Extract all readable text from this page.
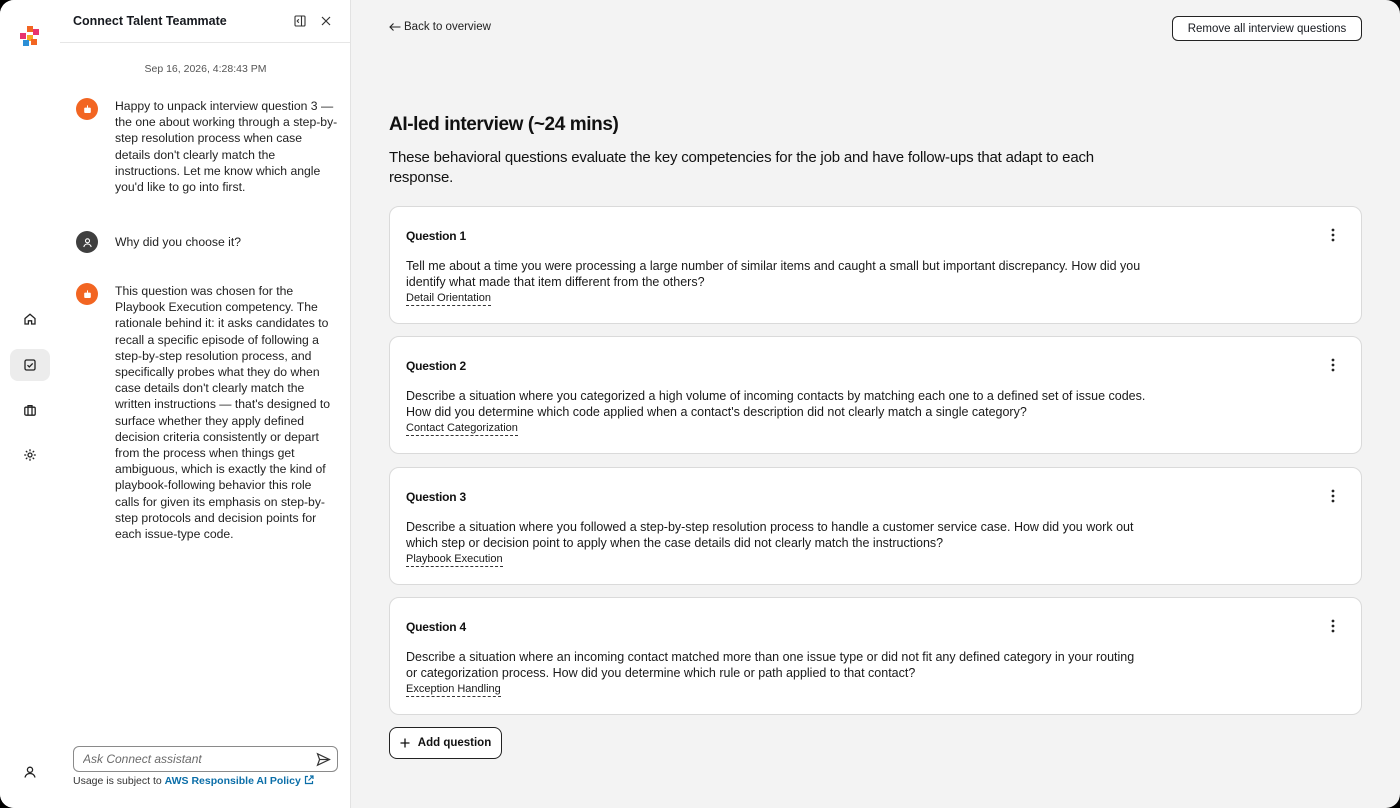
Connect Talent Teammate
Sep 16, 2026, 4:28:43 PM
Happy to unpack interview question 3 — the one about working through a step-by-step resolution process when case details don't clearly match the instructions. Let me know which angle you'd like to go into first.
Why did you choose it?
This question was chosen for the Playbook Execution competency. The rationale behind it: it asks candidates to recall a specific episode of following a step-by-step resolution process, and specifically probes what they do when case details don't clearly match the written instructions — that's designed to surface whether they apply defined decision criteria consistently or depart from the process when things get ambiguous, which is exactly the kind of playbook-following behavior this role calls for given its emphasis on step-by-step protocols and decision points for each issue-type code.
Ask Connect assistant
Usage is subject to AWS Responsible AI Policy
Back to overview	Remove all interview questions
AI-led interview (~24 mins)
These behavioral questions evaluate the key competencies for the job and have follow-ups that adapt to each response.
Question 1
Tell me about a time you were processing a large number of similar items and caught a small but important discrepancy. How did you identify what made that item different from the others?
Detail Orientation
Question 2
Describe a situation where you categorized a high volume of incoming contacts by matching each one to a defined set of issue codes. How did you determine which code applied when a contact's description did not clearly match a single category?
Contact Categorization
Question 3
Describe a situation where you followed a step-by-step resolution process to handle a customer service case. How did you work out which step or decision point to apply when the case details did not clearly match the instructions?
Playbook Execution
Question 4
Describe a situation where an incoming contact matched more than one issue type or did not fit any defined category in your routing or categorization process. How did you determine which rule or path applied to that contact?
Exception Handling
Add question
